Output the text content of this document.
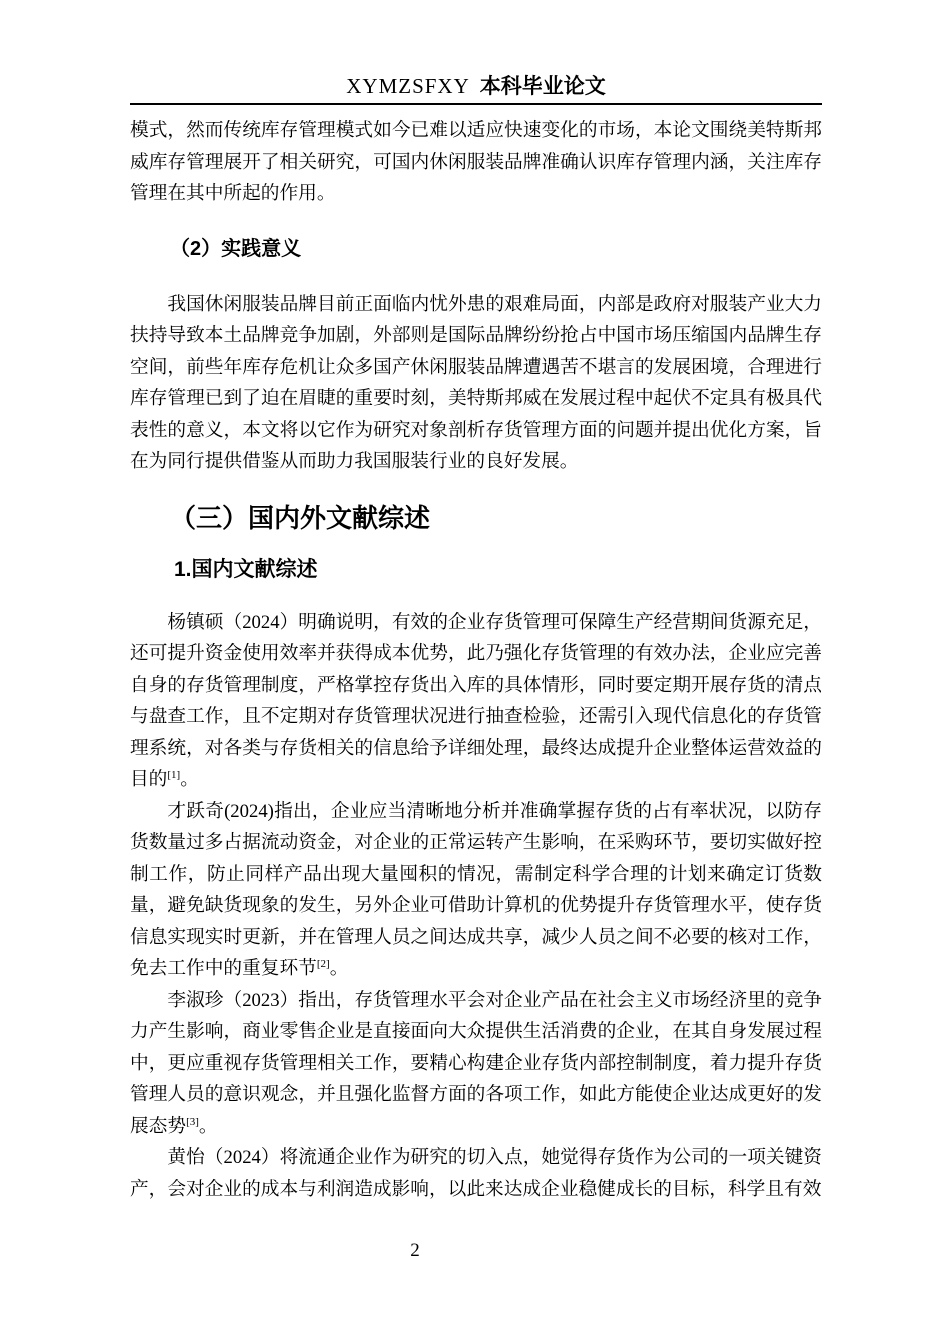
XYMZSFXY 本科毕业论文

模式，然而传统库存管理模式如今已难以适应快速变化的市场，本论文围绕美特斯邦威库存管理展开了相关研究，可国内休闲服装品牌准确认识库存管理内涵，关注库存管理在其中所起的作用。

（2）实践意义

我国休闲服装品牌目前正面临内忧外患的艰难局面，内部是政府对服装产业大力扶持导致本土品牌竞争加剧，外部则是国际品牌纷纷抢占中国市场压缩国内品牌生存空间，前些年库存危机让众多国产休闲服装品牌遭遇苦不堪言的发展困境，合理进行库存管理已到了迫在眉睫的重要时刻，美特斯邦威在发展过程中起伏不定具有极具代表性的意义，本文将以它作为研究对象剖析存货管理方面的问题并提出优化方案，旨在为同行提供借鉴从而助力我国服装行业的良好发展。

（三）国内外文献综述
1.国内文献综述

杨镇硕（2024）明确说明，有效的企业存货管理可保障生产经营期间货源充足，还可提升资金使用效率并获得成本优势，此乃强化存货管理的有效办法，企业应完善自身的存货管理制度，严格掌控存货出入库的具体情形，同时要定期开展存货的清点与盘查工作，且不定期对存货管理状况进行抽查检验，还需引入现代信息化的存货管理系统，对各类与存货相关的信息给予详细处理，最终达成提升企业整体运营效益的目的[1]。

才跃奇(2024)指出，企业应当清晰地分析并准确掌握存货的占有率状况，以防存货数量过多占据流动资金，对企业的正常运转产生影响，在采购环节，要切实做好控制工作，防止同样产品出现大量囤积的情况，需制定科学合理的计划来确定订货数量，避免缺货现象的发生，另外企业可借助计算机的优势提升存货管理水平，使存货信息实现实时更新，并在管理人员之间达成共享，减少人员之间不必要的核对工作，免去工作中的重复环节[2]。

李淑珍（2023）指出，存货管理水平会对企业产品在社会主义市场经济里的竞争力产生影响，商业零售企业是直接面向大众提供生活消费的企业，在其自身发展过程中，更应重视存货管理相关工作，要精心构建企业存货内部控制制度，着力提升存货管理人员的意识观念，并且强化监督方面的各项工作，如此方能使企业达成更好的发展态势[3]。

黄怡（2024）将流通企业作为研究的切入点，她觉得存货作为公司的一项关键资产，会对企业的成本与利润造成影响，以此来达成企业稳健成长的目标，科学且有效

2
